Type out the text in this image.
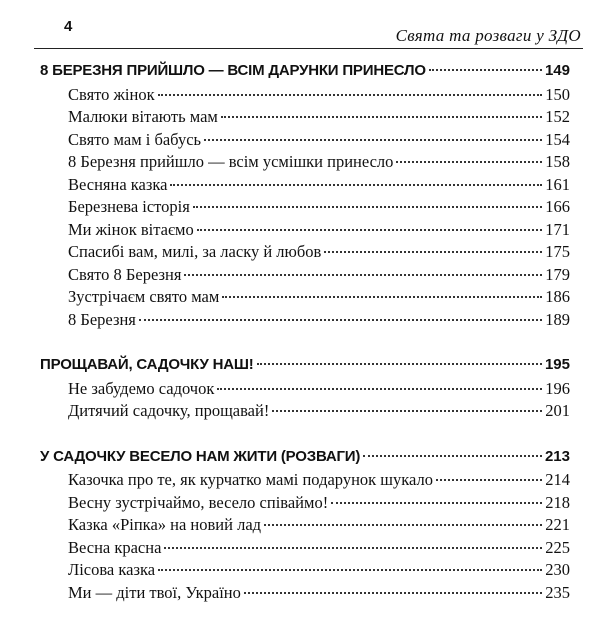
4	Свята та розваги у ЗДО
8 БЕРЕЗНЯ ПРИЙШЛО — ВСІМ ДАРУНКИ ПРИНЕСЛО	149
Свято жінок	150
Малюки вітають мам	152
Свято мам і бабусь	154
8 Березня прийшло — всім усмішки принесло	158
Весняна казка	161
Березнева історія	166
Ми жінок вітаємо	171
Спасибі вам, милі, за ласку й любов	175
Свято 8 Березня	179
Зустрічаєм свято мам	186
8 Березня	189
ПРОЩАВАЙ, САДОЧКУ НАШ!	195
Не забудемо садочок	196
Дитячий садочку, прощавай!	201
У САДОЧКУ ВЕСЕЛО НАМ ЖИТИ (РОЗВАГИ)	213
Казочка про те, як курчатко мамі подарунок шукало	214
Весну зустрічаймо, весело співаймо!	218
Казка «Ріпка» на новий лад	221
Весна красна	225
Лісова казка	230
Ми — діти твої, Україно	235
